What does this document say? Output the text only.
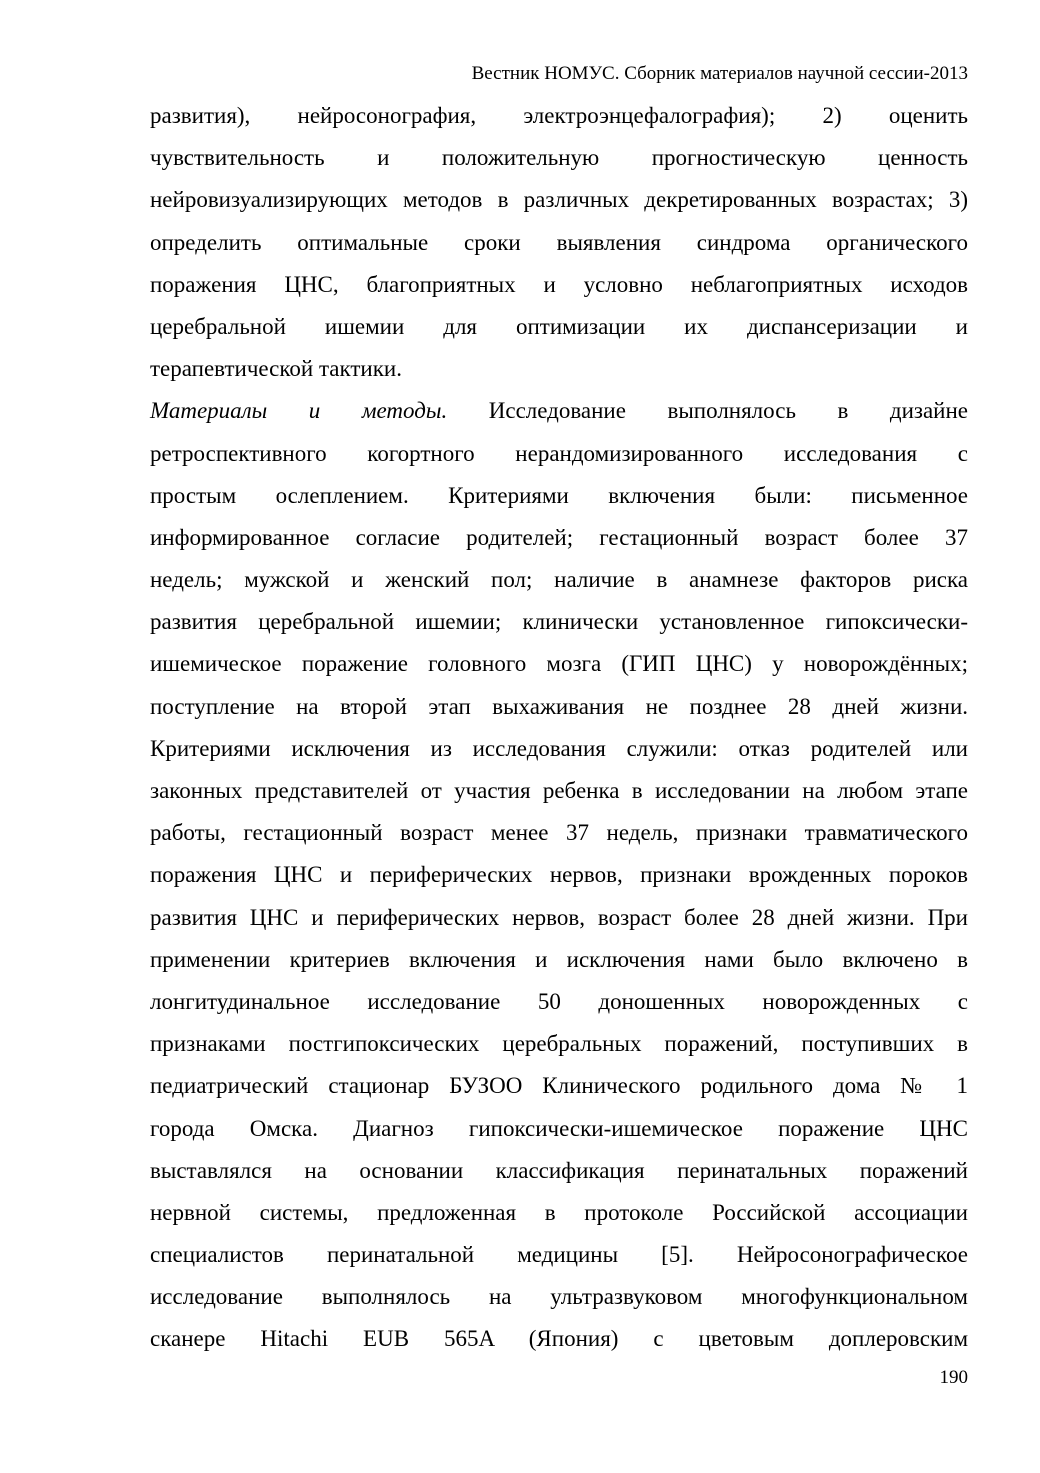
Вестник НОМУС. Сборник материалов научной сессии-2013
развития), нейросонография, электроэнцефалография); 2) оценить
чувствительность и положительную прогностическую ценность
нейровизуализирующих методов в различных декретированных возрастах; 3)
определить оптимальные сроки выявления синдрома органического
поражения ЦНС, благоприятных и условно неблагоприятных исходов
церебральной ишемии для оптимизации их диспансеризации и
терапевтической тактики.
Материалы и методы. Исследование выполнялось в дизайне
ретроспективного когортного нерандомизированного исследования с
простым ослеплением. Критериями включения были: письменное
информированное согласие родителей; гестационный возраст более 37
недель; мужской и женский пол; наличие в анамнезе факторов риска
развития церебральной ишемии; клинически установленное гипоксически-
ишемическое поражение головного мозга (ГИП ЦНС) у новорождённых;
поступление на второй этап выхаживания не позднее 28 дней жизни.
Критериями исключения из исследования служили: отказ родителей или
законных представителей от участия ребенка в исследовании на любом этапе
работы, гестационный возраст менее 37 недель, признаки травматического
поражения ЦНС и периферических нервов, признаки врожденных пороков
развития ЦНС и периферических нервов, возраст более 28 дней жизни. При
применении критериев включения и исключения нами было включено в
лонгитудинальное исследование 50 доношенных новорожденных с
признаками постгипоксических церебральных поражений, поступивших в
педиатрический стационар БУЗОО Клинического родильного дома № 1
города Омска. Диагноз гипоксически-ишемическое поражение ЦНС
выставлялся на основании классификация перинатальных поражений
нервной системы, предложенная в протоколе Российской ассоциации
специалистов перинатальной медицины [5]. Нейросонографическое
исследование выполнялось на ультразвуковом многофункциональном
сканере Hitachi EUB 565A (Япония) с цветовым доплеровским
190
